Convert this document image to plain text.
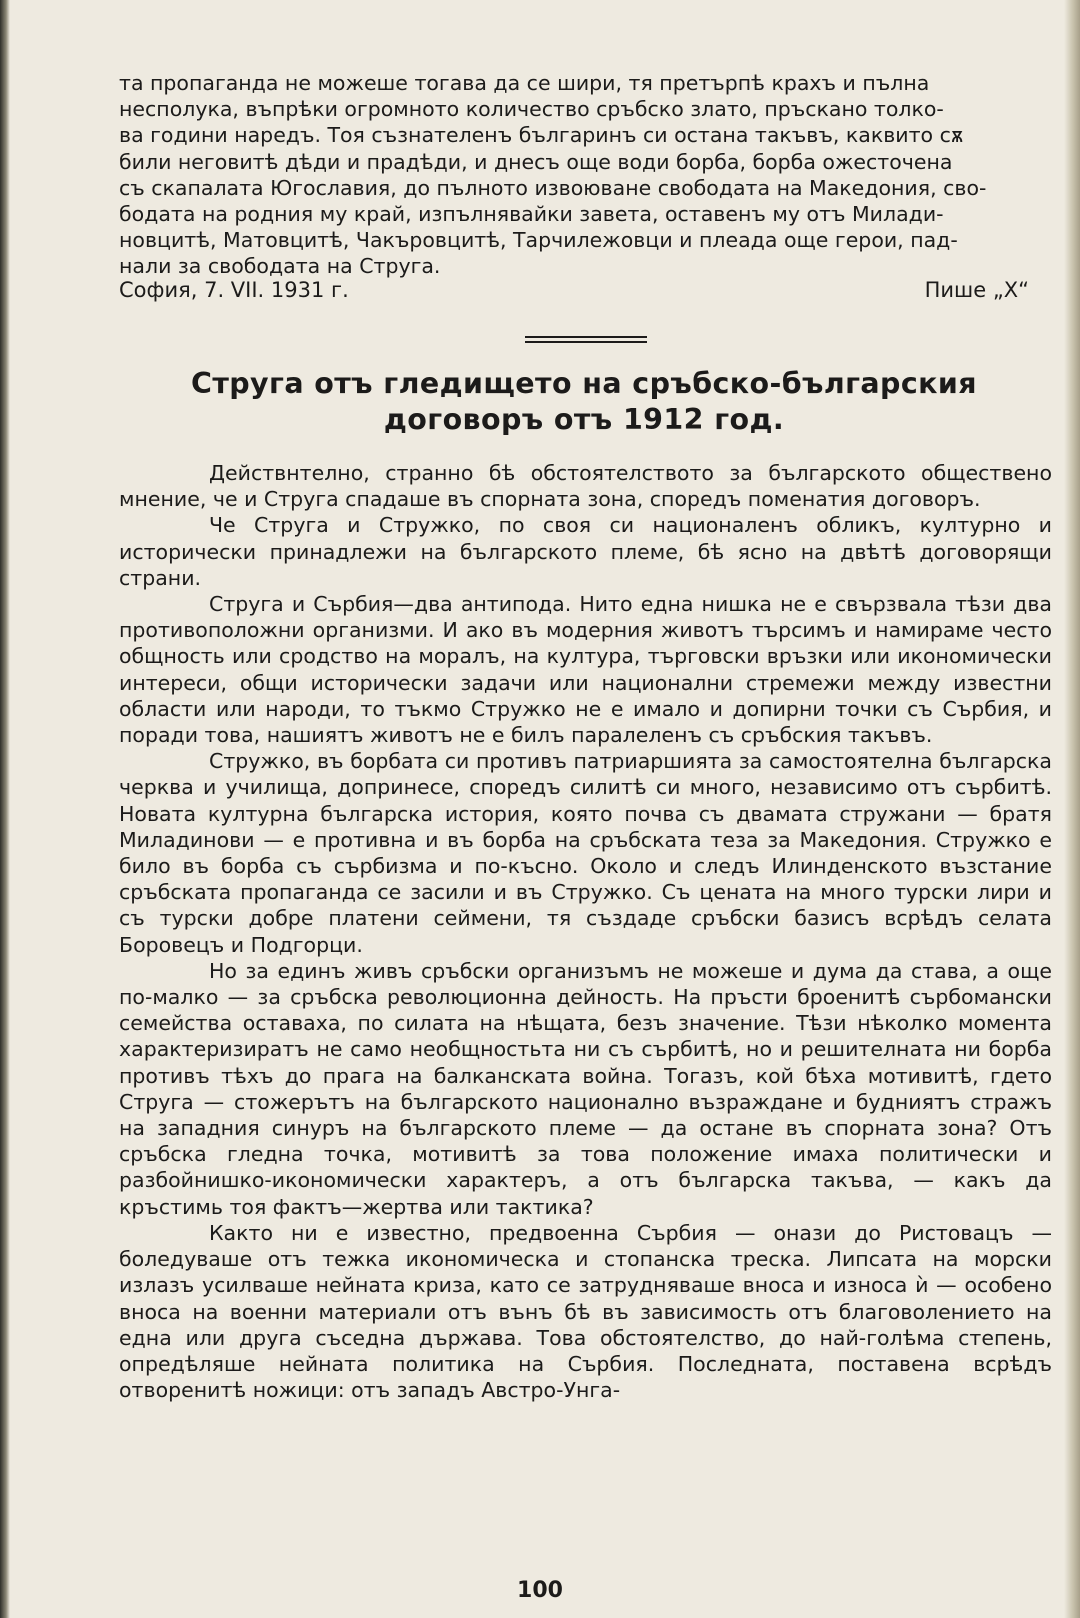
та пропаганда не можеше тогава да се шири, тя претърпѣ крахъ и пълна
несполука, въпрѣки огромното количество сръбско злато, пръскано толко-
ва години наредъ. Тоя съзнателенъ българинъ си остана такъвъ, каквито сѫ
били неговитѣ дѣди и прадѣди, и днесъ още води борба, борба ожесточена
съ скапалата Югославия, до пълното извоюване свободата на Македония, сво-
бодата на родния му край, изпълнявайки завета, оставенъ му отъ Милади-
новцитѣ, Матовцитѣ, Чакъровцитѣ, Тарчилежовци и плеада още герои, пад-
нали за свободата на Струга.
София, 7. VII. 1931 г.	Пише „Х“
Струга отъ гледището на сръбско-българския
договоръ отъ 1912 год.

Действнтелно, странно бѣ обстоятелството за българското обществено мнение, че и Струга спадаше въ спорната зона, споредъ поменатия договоръ.

Че Струга и Стружко, по своя си националенъ обликъ, културно и исторически принадлежи на българското племе, бѣ ясно на двѣтѣ договорящи страни.

Струга и Сърбия—два антипода. Нито една нишка не е свързвала тѣзи два противоположни организми. И ако въ модерния животъ търсимъ и намираме често общность или сродство на моралъ, на култура, търговски връзки или икономически интереси, общи исторически задачи или национални стремежи между известни области или народи, то тъкмо Стружко не е имало и допирни точки съ Сърбия, и поради това, нашиятъ животъ не е билъ паралеленъ съ сръбския такъвъ.

Стружко, въ борбата си противъ патриаршията за самостоятелна българска черква и училища, допринесе, споредъ силитѣ си много, независимо отъ сърбитѣ. Новата културна българска история, която почва съ двамата стружани — братя Миладинови — е противна и въ борба на сръбската теза за Македония. Стружко е било въ борба съ сърбизма и по-късно. Около и следъ Илинденското възстание сръбската пропаганда се засили и въ Стружко. Съ цената на много турски лири и съ турски добре платени сеймени, тя създаде сръбски базисъ всрѣдъ селата Боровецъ и Подгорци.

Но за единъ живъ сръбски организъмъ не можеше и дума да става, а още по-малко — за сръбска революционна дейность. На пръсти броенитѣ сърбомански семейства оставаха, по силата на нѣщата, безъ значение. Тѣзи нѣколко момента характеризиратъ не само необщностьта ни съ сърбитѣ, но и решителната ни борба противъ тѣхъ до прага на балканската война. Тогазъ, кой бѣха мотивитѣ, гдето Струга — стожерътъ на българското национално възраждане и будниятъ стражъ на западния синуръ на българското племе — да остане въ спорната зона? Отъ сръбска гледна точка, мотивитѣ за това положение имаха политически и разбойнишко-икономически характеръ, а отъ българска такъва, — какъ да кръстимь тоя фактъ—жертва или тактика?

Както ни е известно, предвоенна Сърбия — онази до Ристовацъ — боледуваше отъ тежка икономическа и стопанска треска. Липсата на морски излазъ усилваше нейната криза, като се затрудняваше вноса и износа ѝ — особено вноса на военни материали отъ вънъ бѣ въ зависимость отъ благоволението на една или друга съседна държава. Това обстоятелство, до най-голѣма степень, опредѣляше нейната политика на Сърбия. Последната, поставена всрѣдъ отворенитѣ ножици: отъ западъ Австро-Унга-

100
